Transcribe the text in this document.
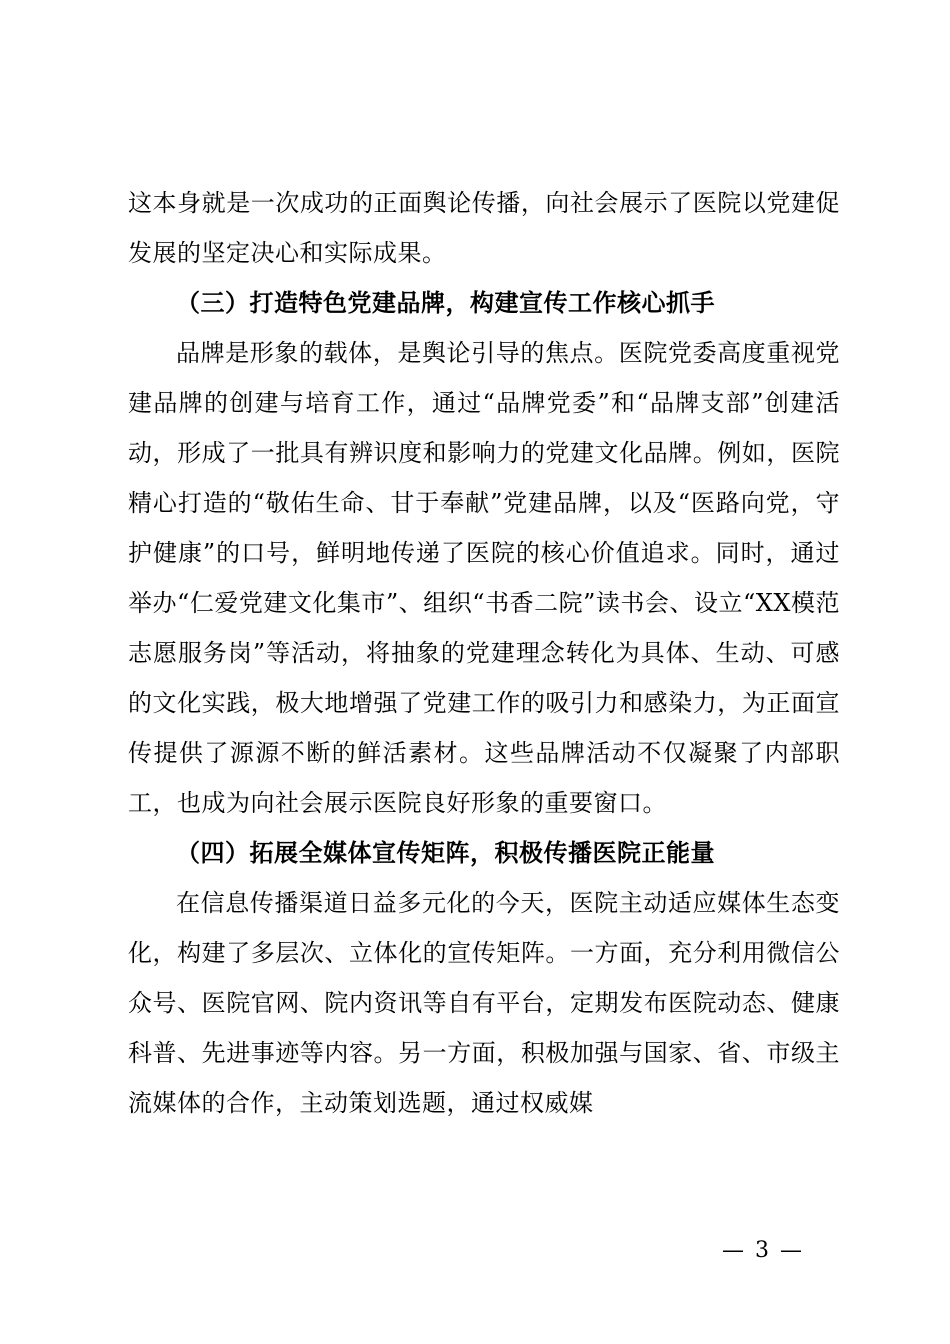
这本身就是一次成功的正面舆论传播，向社会展示了医院以党建促发展的坚定决心和实际成果。

（三）打造特色党建品牌，构建宣传工作核心抓手

品牌是形象的载体，是舆论引导的焦点。医院党委高度重视党建品牌的创建与培育工作，通过“品牌党委”和“品牌支部”创建活动，形成了一批具有辨识度和影响力的党建文化品牌。例如，医院精心打造的“敬佑生命、甘于奉献”党建品牌，以及“医路向党，守护健康”的口号，鲜明地传递了医院的核心价值追求。同时，通过举办“仁爱党建文化集市”、组织“书香二院”读书会、设立“XX模范志愿服务岗”等活动，将抽象的党建理念转化为具体、生动、可感的文化实践，极大地增强了党建工作的吸引力和感染力，为正面宣传提供了源源不断的鲜活素材。这些品牌活动不仅凝聚了内部职工，也成为向社会展示医院良好形象的重要窗口。

（四）拓展全媒体宣传矩阵，积极传播医院正能量

在信息传播渠道日益多元化的今天，医院主动适应媒体生态变化，构建了多层次、立体化的宣传矩阵。一方面，充分利用微信公众号、医院官网、院内资讯等自有平台，定期发布医院动态、健康科普、先进事迹等内容。另一方面，积极加强与国家、省、市级主流媒体的合作，主动策划选题，通过权威媒

— 3 —
